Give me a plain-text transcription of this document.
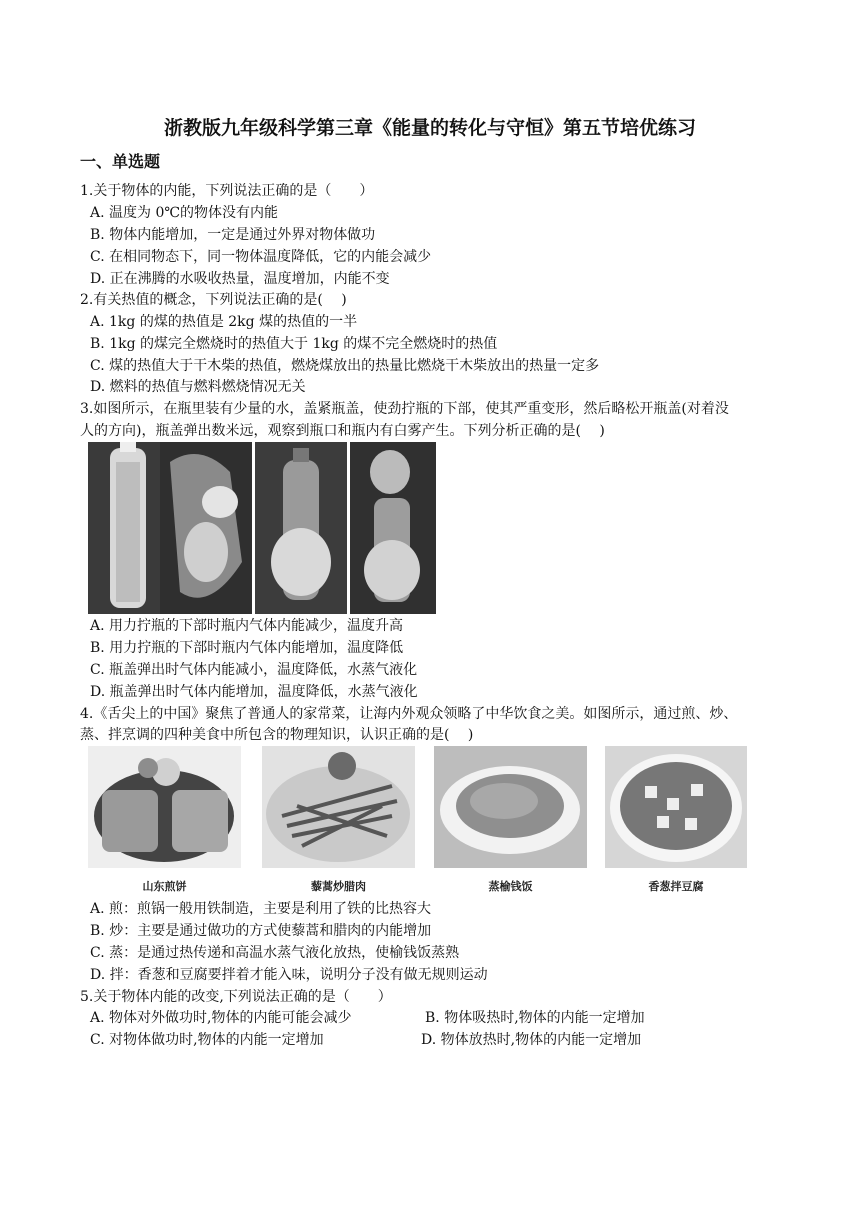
浙教版九年级科学第三章《能量的转化与守恒》第五节培优练习
一、单选题
1.关于物体的内能，下列说法正确的是（　　）
A. 温度为 0℃的物体没有内能
B. 物体内能增加，一定是通过外界对物体做功
C. 在相同物态下，同一物体温度降低，它的内能会减少
D. 正在沸腾的水吸收热量，温度增加，内能不变
2.有关热值的概念，下列说法正确的是(　 )
A. 1kg 的煤的热值是 2kg 煤的热值的一半
B. 1kg 的煤完全燃烧时的热值大于 1kg 的煤不完全燃烧时的热值
C. 煤的热值大于干木柴的热值，燃烧煤放出的热量比燃烧干木柴放出的热量一定多
D. 燃料的热值与燃料燃烧情况无关
3.如图所示，在瓶里装有少量的水，盖紧瓶盖，使劲拧瓶的下部，使其严重变形，然后略松开瓶盖(对着没
人的方向)，瓶盖弹出数米远，观察到瓶口和瓶内有白雾产生。下列分析正确的是(　 )
A. 用力拧瓶的下部时瓶内气体内能减少，温度升高
B. 用力拧瓶的下部时瓶内气体内能增加，温度降低
C. 瓶盖弹出时气体内能减小，温度降低，水蒸气液化
D. 瓶盖弹出时气体内能增加，温度降低，水蒸气液化
4.《舌尖上的中国》聚焦了普通人的家常菜，让海内外观众领略了中华饮食之美。如图所示，通过煎、炒、
蒸、拌烹调的四种美食中所包含的物理知识，认识正确的是(　 )
山东煎饼	藜蒿炒腊肉	蒸榆钱饭	香葱拌豆腐
A. 煎：煎锅一般用铁制造，主要是利用了铁的比热容大
B. 炒：主要是通过做功的方式使藜蒿和腊肉的内能增加
C. 蒸：是通过热传递和高温水蒸气液化放热，使榆钱饭蒸熟
D. 拌：香葱和豆腐要拌着才能入味，说明分子没有做无规则运动
5.关于物体内能的改变,下列说法正确的是（　　）
A. 物体对外做功时,物体的内能可能会减少	B. 物体吸热时,物体的内能一定增加
C. 对物体做功时,物体的内能一定增加	D. 物体放热时,物体的内能一定增加
